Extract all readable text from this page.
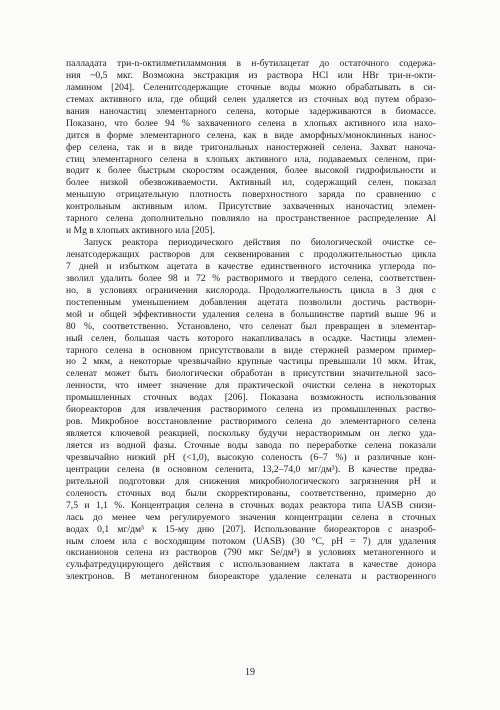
палладата три-n-октилметиламмония в н-бутилацетат до остаточного содержа-
ния ~0,5 мкг. Возможна экстракция из раствора HCl или HBr три-н-окти-
ламином [204]. Селенитсодержащие сточные воды можно обрабатывать в си-
стемах активного ила, где общий селен удаляется из сточных вод путем образо-
вания наночастиц элементарного селена, которые задерживаются в биомассе.
Показано, что более 94 % захваченного селена в хлопьях активного ила нахо-
дится в форме элементарного селена, как в виде аморфных/моноклинных нанос-
фер селена, так и в виде тригональных наностержней селена. Захват наноча-
стиц элементарного селена в хлопьях активного ила, подаваемых селеном, при-
водит к более быстрым скоростям осаждения, более высокой гидрофильности и
более низкой обезвоживаемости. Активный ил, содержащий селен, показал
меньшую отрицательную плотность поверхностного заряда по сравнению с
контрольным активным илом. Присутствие захваченных наночастиц элемен-
тарного селена дополнительно повлияло на пространственное распределение Al
и Mg в хлопьях активного ила [205].
Запуск реактора периодического действия по биологической очистке се-
ленатсодержащих растворов для секвенирования с продолжительностью цикла
7 дней и избытком ацетата в качестве единственного источника углерода по-
зволил удалить более 98 и 72 % растворимого и твердого селена, соответствен-
но, в условиях ограничения кислорода. Продолжительность цикла в 3 дня с
постепенным уменьшением добавления ацетата позволили достичь растворн-
мой и общей эффективности удаления селена в большинстве партий выше 96 и
80 %, соответственно. Установлено, что селенат был превращен в элементар-
ный селен, большая часть которого накапливалась в осадке. Частицы элемен-
тарного селена в основном присутствовали в виде стержней размером пример-
но 2 мкм, а некоторые чрезвычайно крупные частицы превышали 10 мкм. Итак,
селенат может быть биологически обработан в присутствии значительной засо-
ленности, что имеет значение для практической очистки селена в некоторых
промышленных сточных водах [206]. Показана возможность использования
биореакторов для извлечения растворимого селена из промышленных раство-
ров. Микробное восстановление растворимого селена до элементарного селена
является ключевой реакцией, поскольку будучи нерастворимым он легко уда-
ляется из водной фазы. Сточные воды завода по переработке селена показали
чрезвычайно низкий pH (<1,0), высокую соленость (6–7 %) и различные кон-
центрации селена (в основном селенита, 13,2–74,0 мг/дм³). В качестве предва-
рительной подготовки для снижения микробиологического загрязнения pH и
соленость сточных вод были скорректированы, соответственно, примерно до
7,5 и 1,1 %. Концентрация селена в сточных водах реактора типа UASB снизи-
лась до менее чем регулируемого значения концентрации селена в сточных
водах 0,1 мг/дм³ к 15-му дню [207]. Использование биореакторов с анаэроб-
ным слоем ила с восходящим потоком (UASB) (30 °C, pH = 7) для удаления
оксианионов селена из растворов (790 мкг Se/дм³) в условиях метаногенного и
сульфатредуцирующего действия с использованием лактата в качестве донора
электронов. В метаногенном биореакторе удаление селената и растворенного
19
